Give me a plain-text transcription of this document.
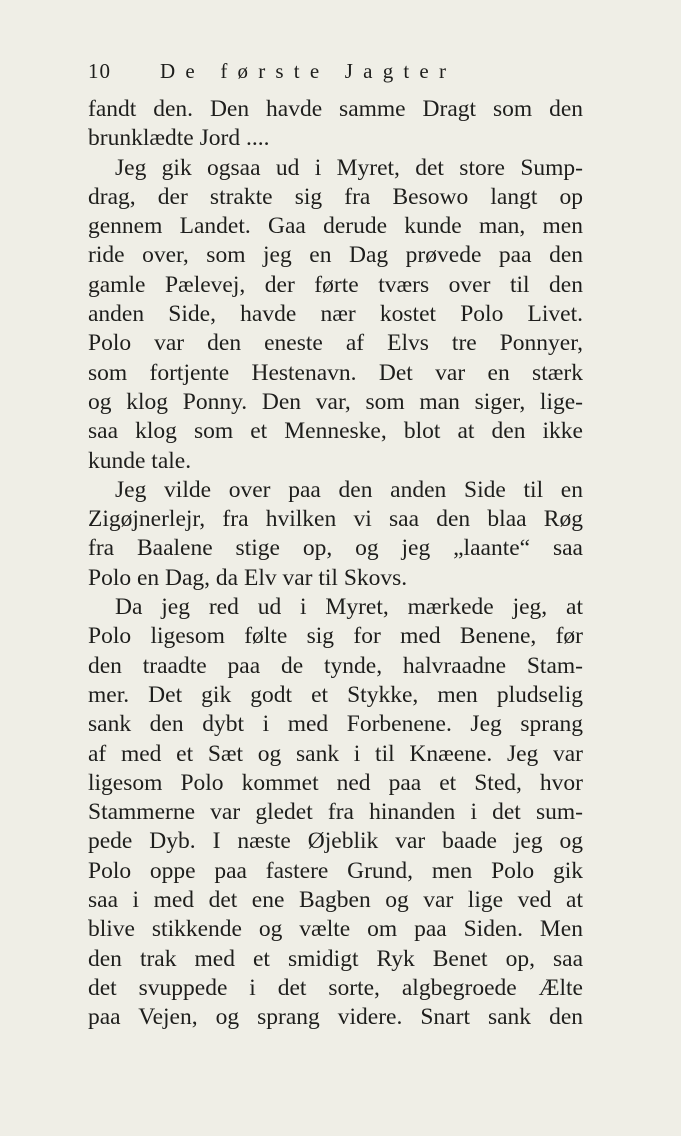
10 De første Jagter
fandt den. Den havde samme Dragt som den
brunklædte Jord ....
Jeg gik ogsaa ud i Myret, det store Sump-
drag, der strakte sig fra Besowo langt op
gennem Landet. Gaa derude kunde man, men
ride over, som jeg en Dag prøvede paa den
gamle Pælevej, der førte tværs over til den
anden Side, havde nær kostet Polo Livet.
Polo var den eneste af Elvs tre Ponnyer,
som fortjente Hestenavn. Det var en stærk
og klog Ponny. Den var, som man siger, lige-
saa klog som et Menneske, blot at den ikke
kunde tale.
Jeg vilde over paa den anden Side til en
Zigøjnerlejr, fra hvilken vi saa den blaa Røg
fra Baalene stige op, og jeg „laante“ saa
Polo en Dag, da Elv var til Skovs.
Da jeg red ud i Myret, mærkede jeg, at
Polo ligesom følte sig for med Benene, før
den traadte paa de tynde, halvraadne Stam-
mer. Det gik godt et Stykke, men pludselig
sank den dybt i med Forbenene. Jeg sprang
af med et Sæt og sank i til Knæene. Jeg var
ligesom Polo kommet ned paa et Sted, hvor
Stammerne var gledet fra hinanden i det sum-
pede Dyb. I næste Øjeblik var baade jeg og
Polo oppe paa fastere Grund, men Polo gik
saa i med det ene Bagben og var lige ved at
blive stikkende og vælte om paa Siden. Men
den trak med et smidigt Ryk Benet op, saa
det svuppede i det sorte, algbegroede Ælte
paa Vejen, og sprang videre. Snart sank den
